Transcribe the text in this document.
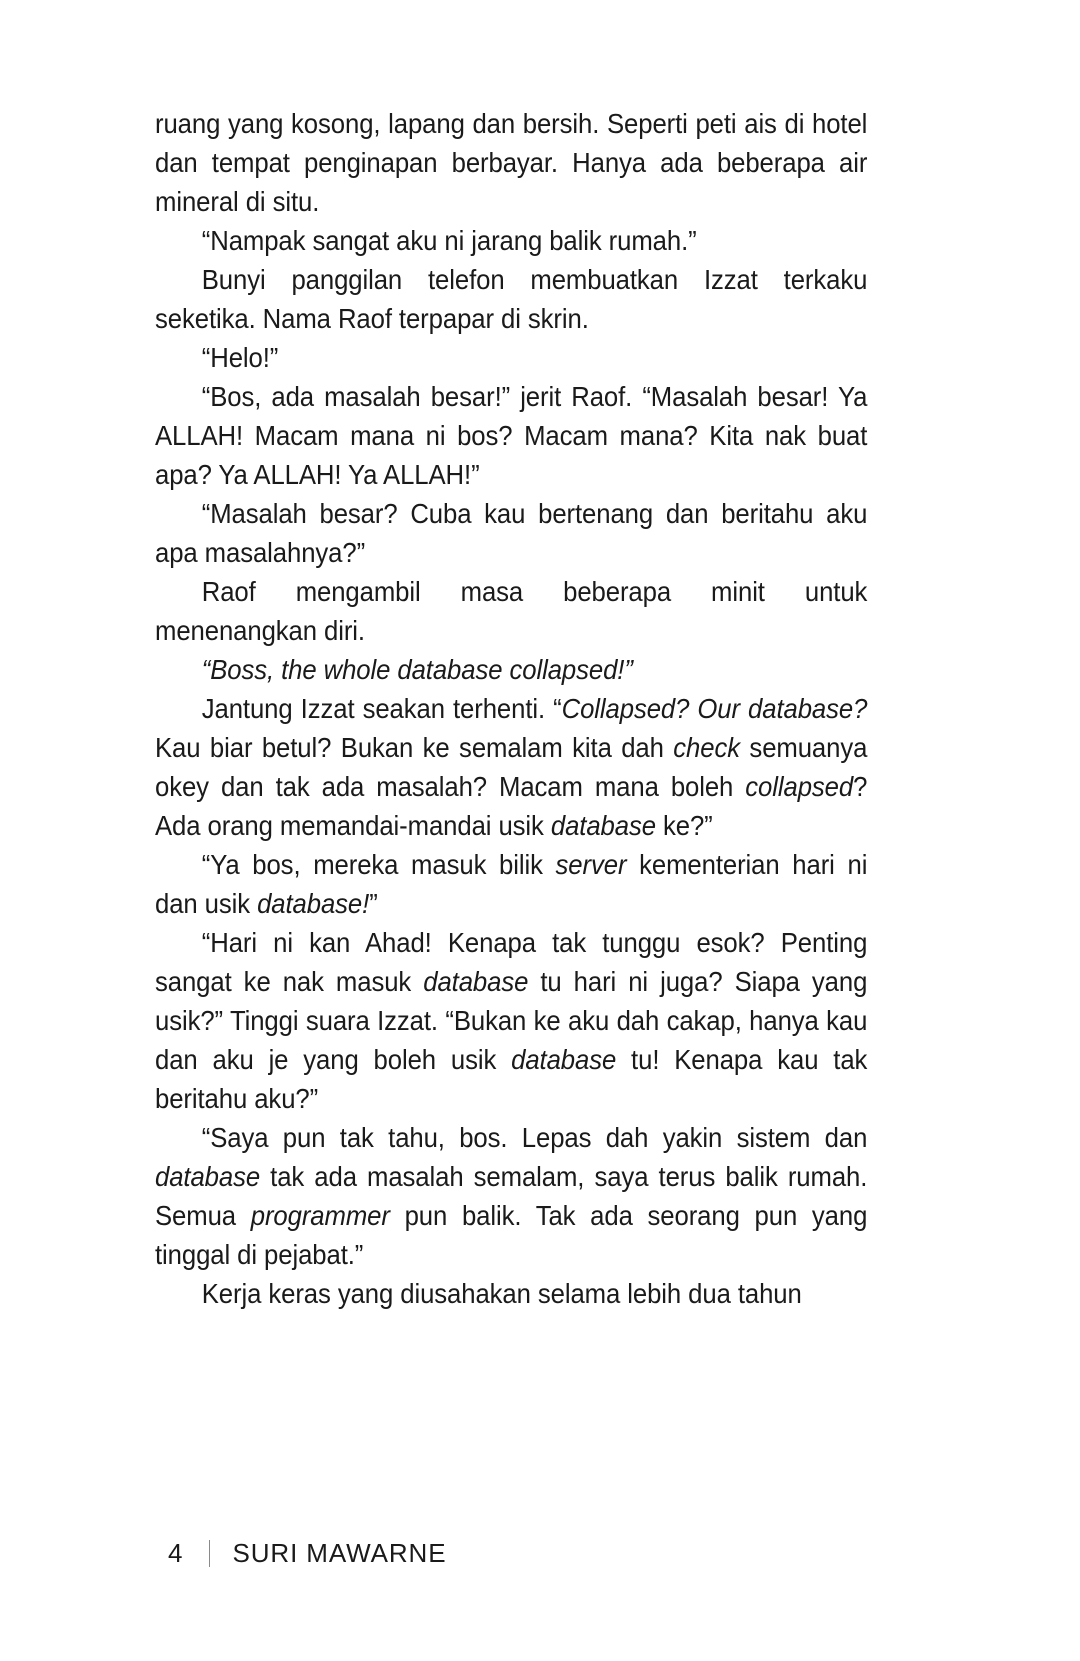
ruang yang kosong, lapang dan bersih. Seperti peti ais di hotel dan tempat penginapan berbayar. Hanya ada beberapa air mineral di situ.

“Nampak sangat aku ni jarang balik rumah.”

Bunyi panggilan telefon membuatkan Izzat terkaku seketika. Nama Raof terpapar di skrin.

“Helo!”

“Bos, ada masalah besar!” jerit Raof. “Masalah besar! Ya ALLAH! Macam mana ni bos? Macam mana? Kita nak buat apa? Ya ALLAH! Ya ALLAH!”

“Masalah besar? Cuba kau bertenang dan beritahu aku apa masalahnya?”

Raof mengambil masa beberapa minit untuk menenangkan diri.

“Boss, the whole database collapsed!”

Jantung Izzat seakan terhenti. “Collapsed? Our database? Kau biar betul? Bukan ke semalam kita dah check semuanya okey dan tak ada masalah? Macam mana boleh collapsed? Ada orang memandai-mandai usik database ke?”

“Ya bos, mereka masuk bilik server kementerian hari ni dan usik database!”

“Hari ni kan Ahad! Kenapa tak tunggu esok? Penting sangat ke nak masuk database tu hari ni juga? Siapa yang usik?” Tinggi suara Izzat. “Bukan ke aku dah cakap, hanya kau dan aku je yang boleh usik database tu! Kenapa kau tak beritahu aku?”

“Saya pun tak tahu, bos. Lepas dah yakin sistem dan database tak ada masalah semalam, saya terus balik rumah. Semua programmer pun balik. Tak ada seorang pun yang tinggal di pejabat.”

Kerja keras yang diusahakan selama lebih dua tahun

4 SURI MAWARNE
